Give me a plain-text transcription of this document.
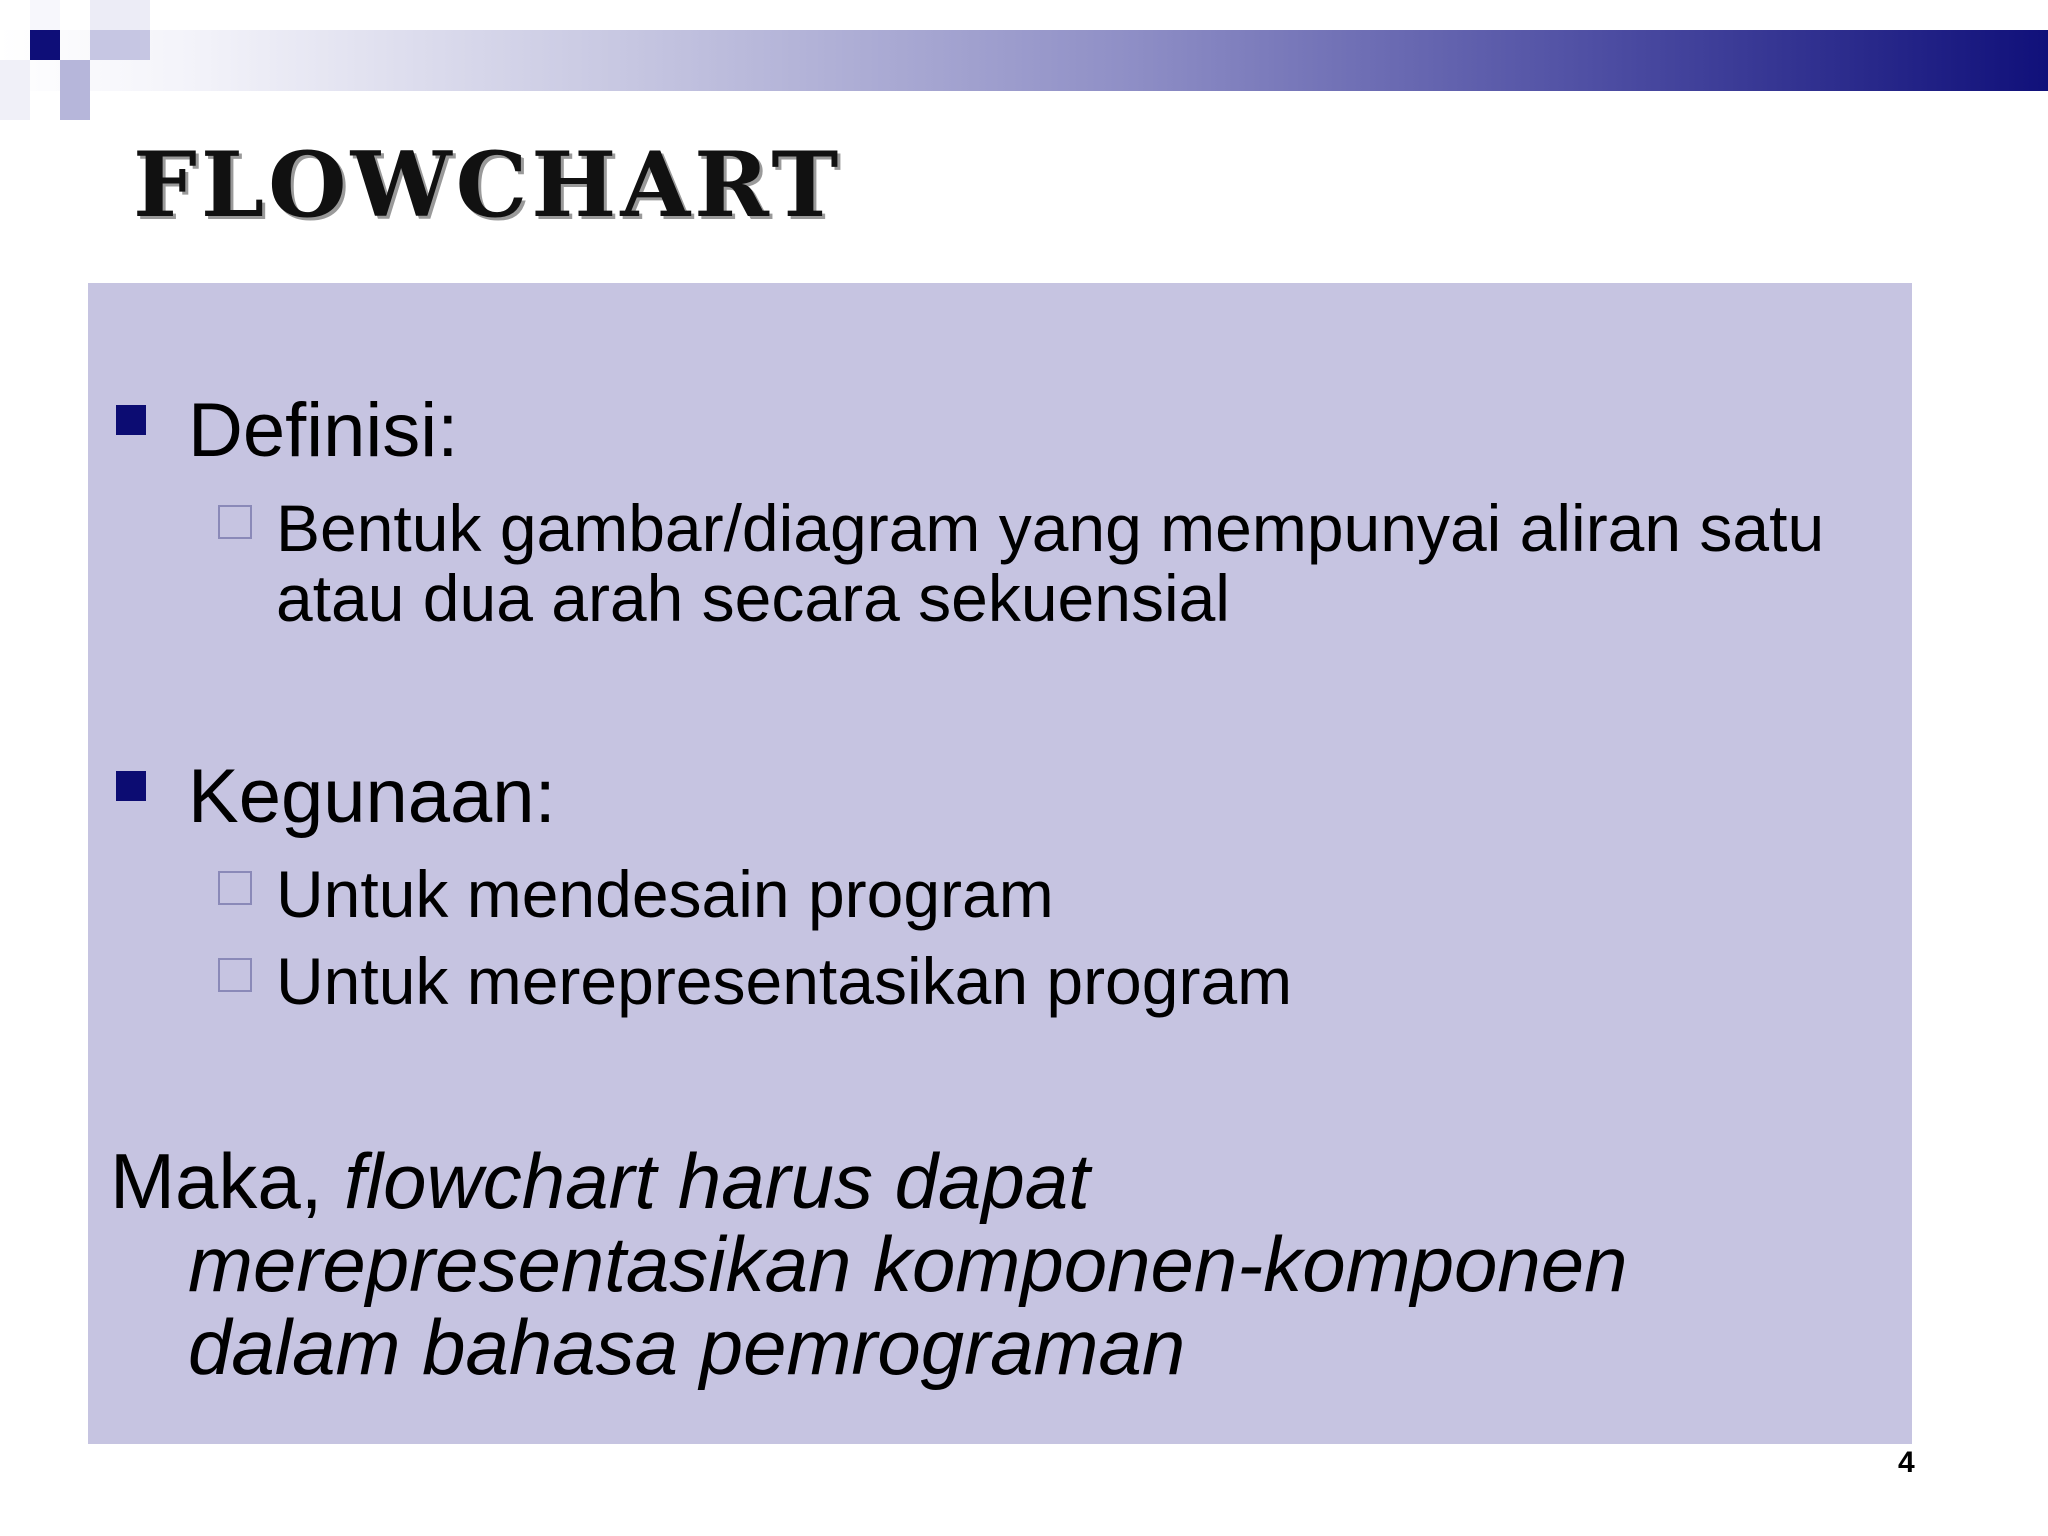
FLOWCHART
Definisi:
Bentuk gambar/diagram yang mempunyai aliran satu atau dua arah secara sekuensial
Kegunaan:
Untuk mendesain program
Untuk merepresentasikan program
Maka, flowchart harus dapat
merepresentasikan komponen-komponen
dalam bahasa pemrograman
4
